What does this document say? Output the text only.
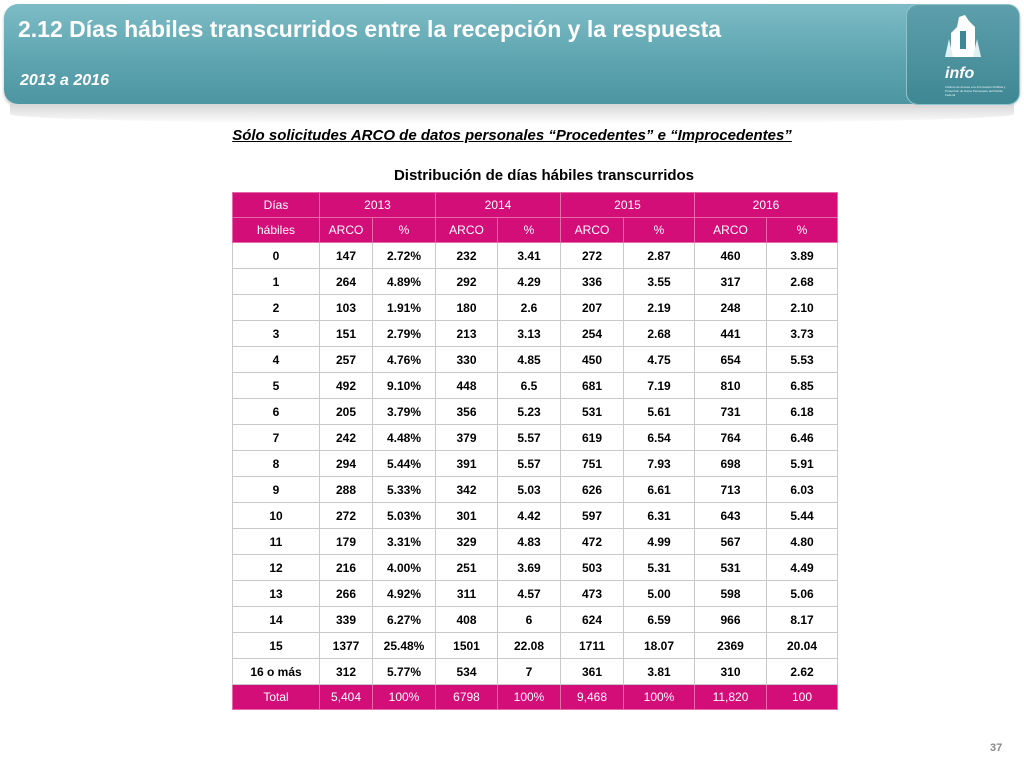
2.12 Días hábiles transcurridos entre la recepción y la respuesta
2013 a 2016	info
Instituto de Acceso a la Información Pública y Protección de Datos Personales del Distrito Federal
Sólo solicitudes ARCO de datos personales “Procedentes” e “Improcedentes”
Distribución de días hábiles transcurridos
Días	2013		2014		2015		2016	
hábiles	ARCO	%	ARCO	%	ARCO	%	ARCO	%
0	147	2.72%	232	3.41	272	2.87	460	3.89
1	264	4.89%	292	4.29	336	3.55	317	2.68
2	103	1.91%	180	2.6	207	2.19	248	2.10
3	151	2.79%	213	3.13	254	2.68	441	3.73
4	257	4.76%	330	4.85	450	4.75	654	5.53
5	492	9.10%	448	6.5	681	7.19	810	6.85
6	205	3.79%	356	5.23	531	5.61	731	6.18
7	242	4.48%	379	5.57	619	6.54	764	6.46
8	294	5.44%	391	5.57	751	7.93	698	5.91
9	288	5.33%	342	5.03	626	6.61	713	6.03
10	272	5.03%	301	4.42	597	6.31	643	5.44
11	179	3.31%	329	4.83	472	4.99	567	4.80
12	216	4.00%	251	3.69	503	5.31	531	4.49
13	266	4.92%	311	4.57	473	5.00	598	5.06
14	339	6.27%	408	6	624	6.59	966	8.17
15	1377	25.48%	1501	22.08	1711	18.07	2369	20.04
16 o más	312	5.77%	534	7	361	3.81	310	2.62
Total	5,404	100%	6798	100%	9,468	100%	11,820	100
37
